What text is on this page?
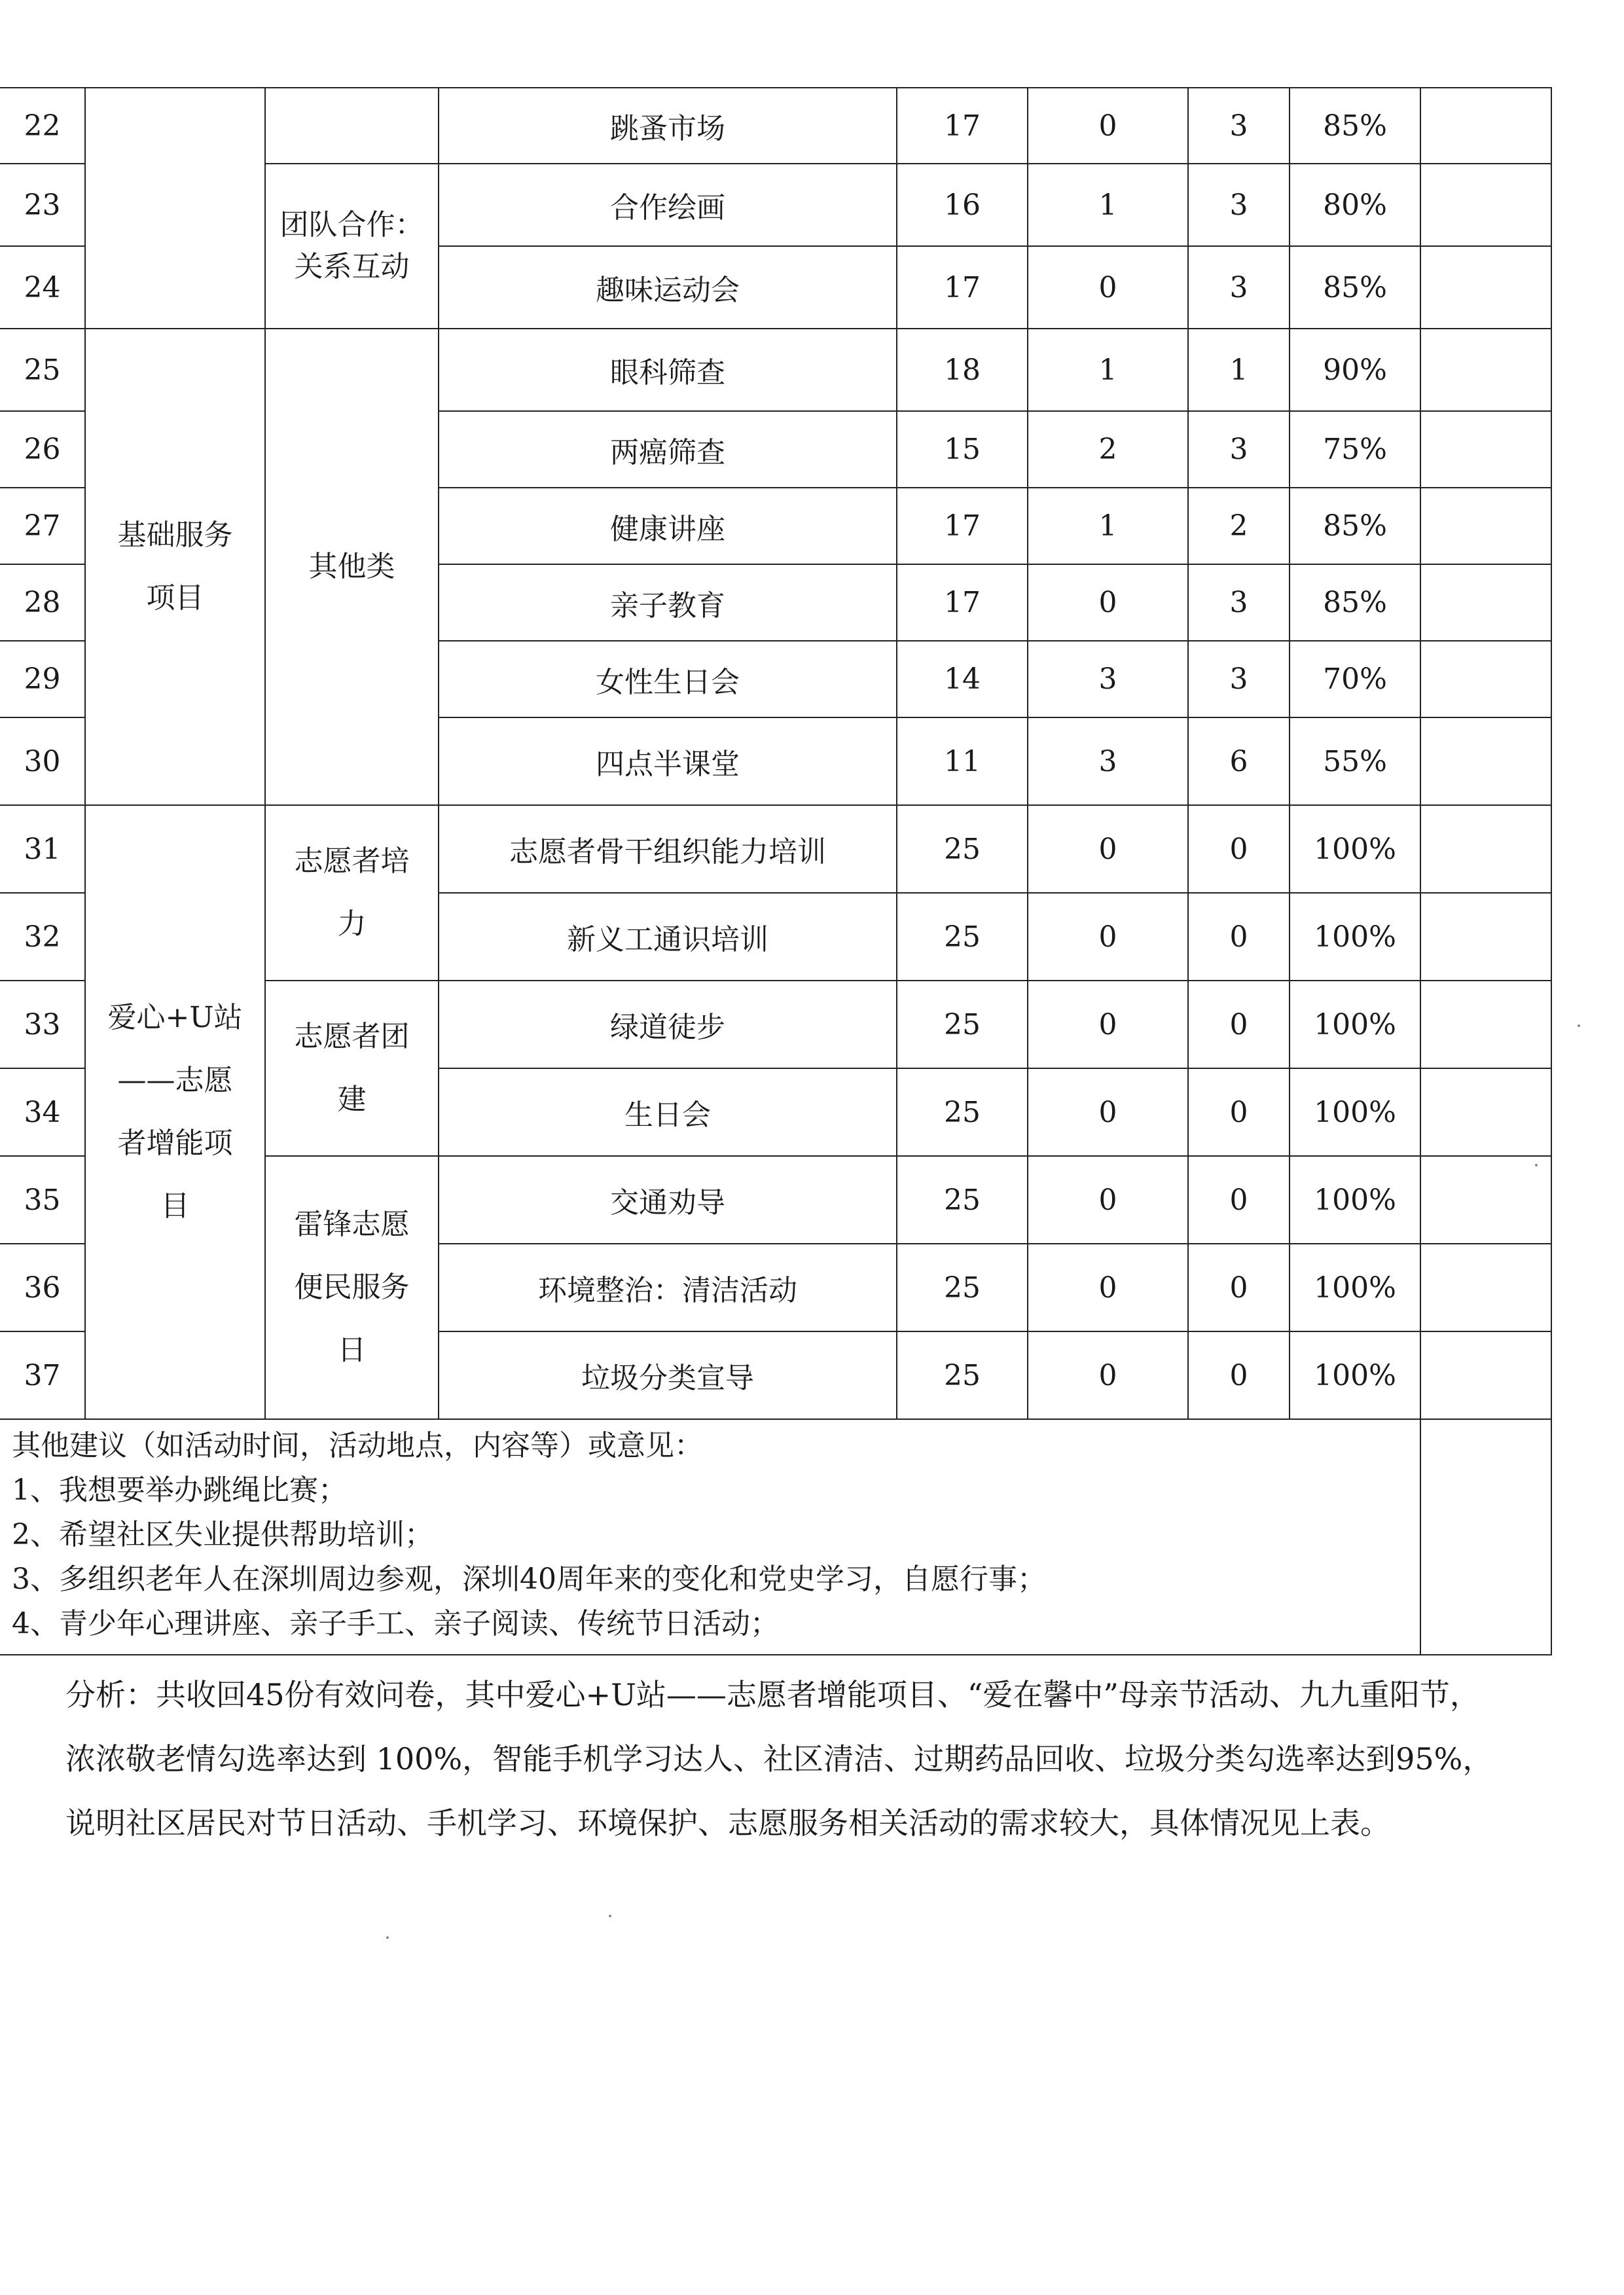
22			跳蚤市场	17	0	3	85%	
23		团队合作：关系互动	合作绘画	16	1	3	80%	
24			趣味运动会	17	0	3	85%	
25	基础服务项目	其他类	眼科筛查	18	1	1	90%	
26			两癌筛查	15	2	3	75%	
27			健康讲座	17	1	2	85%	
28			亲子教育	17	0	3	85%	
29			女性生日会	14	3	3	70%	
30			四点半课堂	11	3	6	55%	
31	爱心+U站——志愿者增能项目	志愿者培力	志愿者骨干组织能力培训	25	0	0	100%	
32			新义工通识培训	25	0	0	100%	
33		志愿者团建	绿道徒步	25	0	0	100%	
34			生日会	25	0	0	100%	
35		雷锋志愿便民服务日	交通劝导	25	0	0	100%	
36			环境整治：清洁活动	25	0	0	100%	
37			垃圾分类宣导	25	0	0	100%	

其他建议（如活动时间，活动地点，内容等）或意见：
1、我想要举办跳绳比赛；
2、希望社区失业提供帮助培训；
3、多组织老年人在深圳周边参观，深圳40周年来的变化和党史学习，自愿行事；
4、青少年心理讲座、亲子手工、亲子阅读、传统节日活动；								

分析：共收回45份有效问卷，其中爱心+U站——志愿者增能项目、“爱在馨中”母亲节活动、九九重阳节，浓浓敬老情勾选率达到 100%，智能手机学习达人、社区清洁、过期药品回收、垃圾分类勾选率达到95%，说明社区居民对节日活动、手机学习、环境保护、志愿服务相关活动的需求较大，具体情况见上表。
